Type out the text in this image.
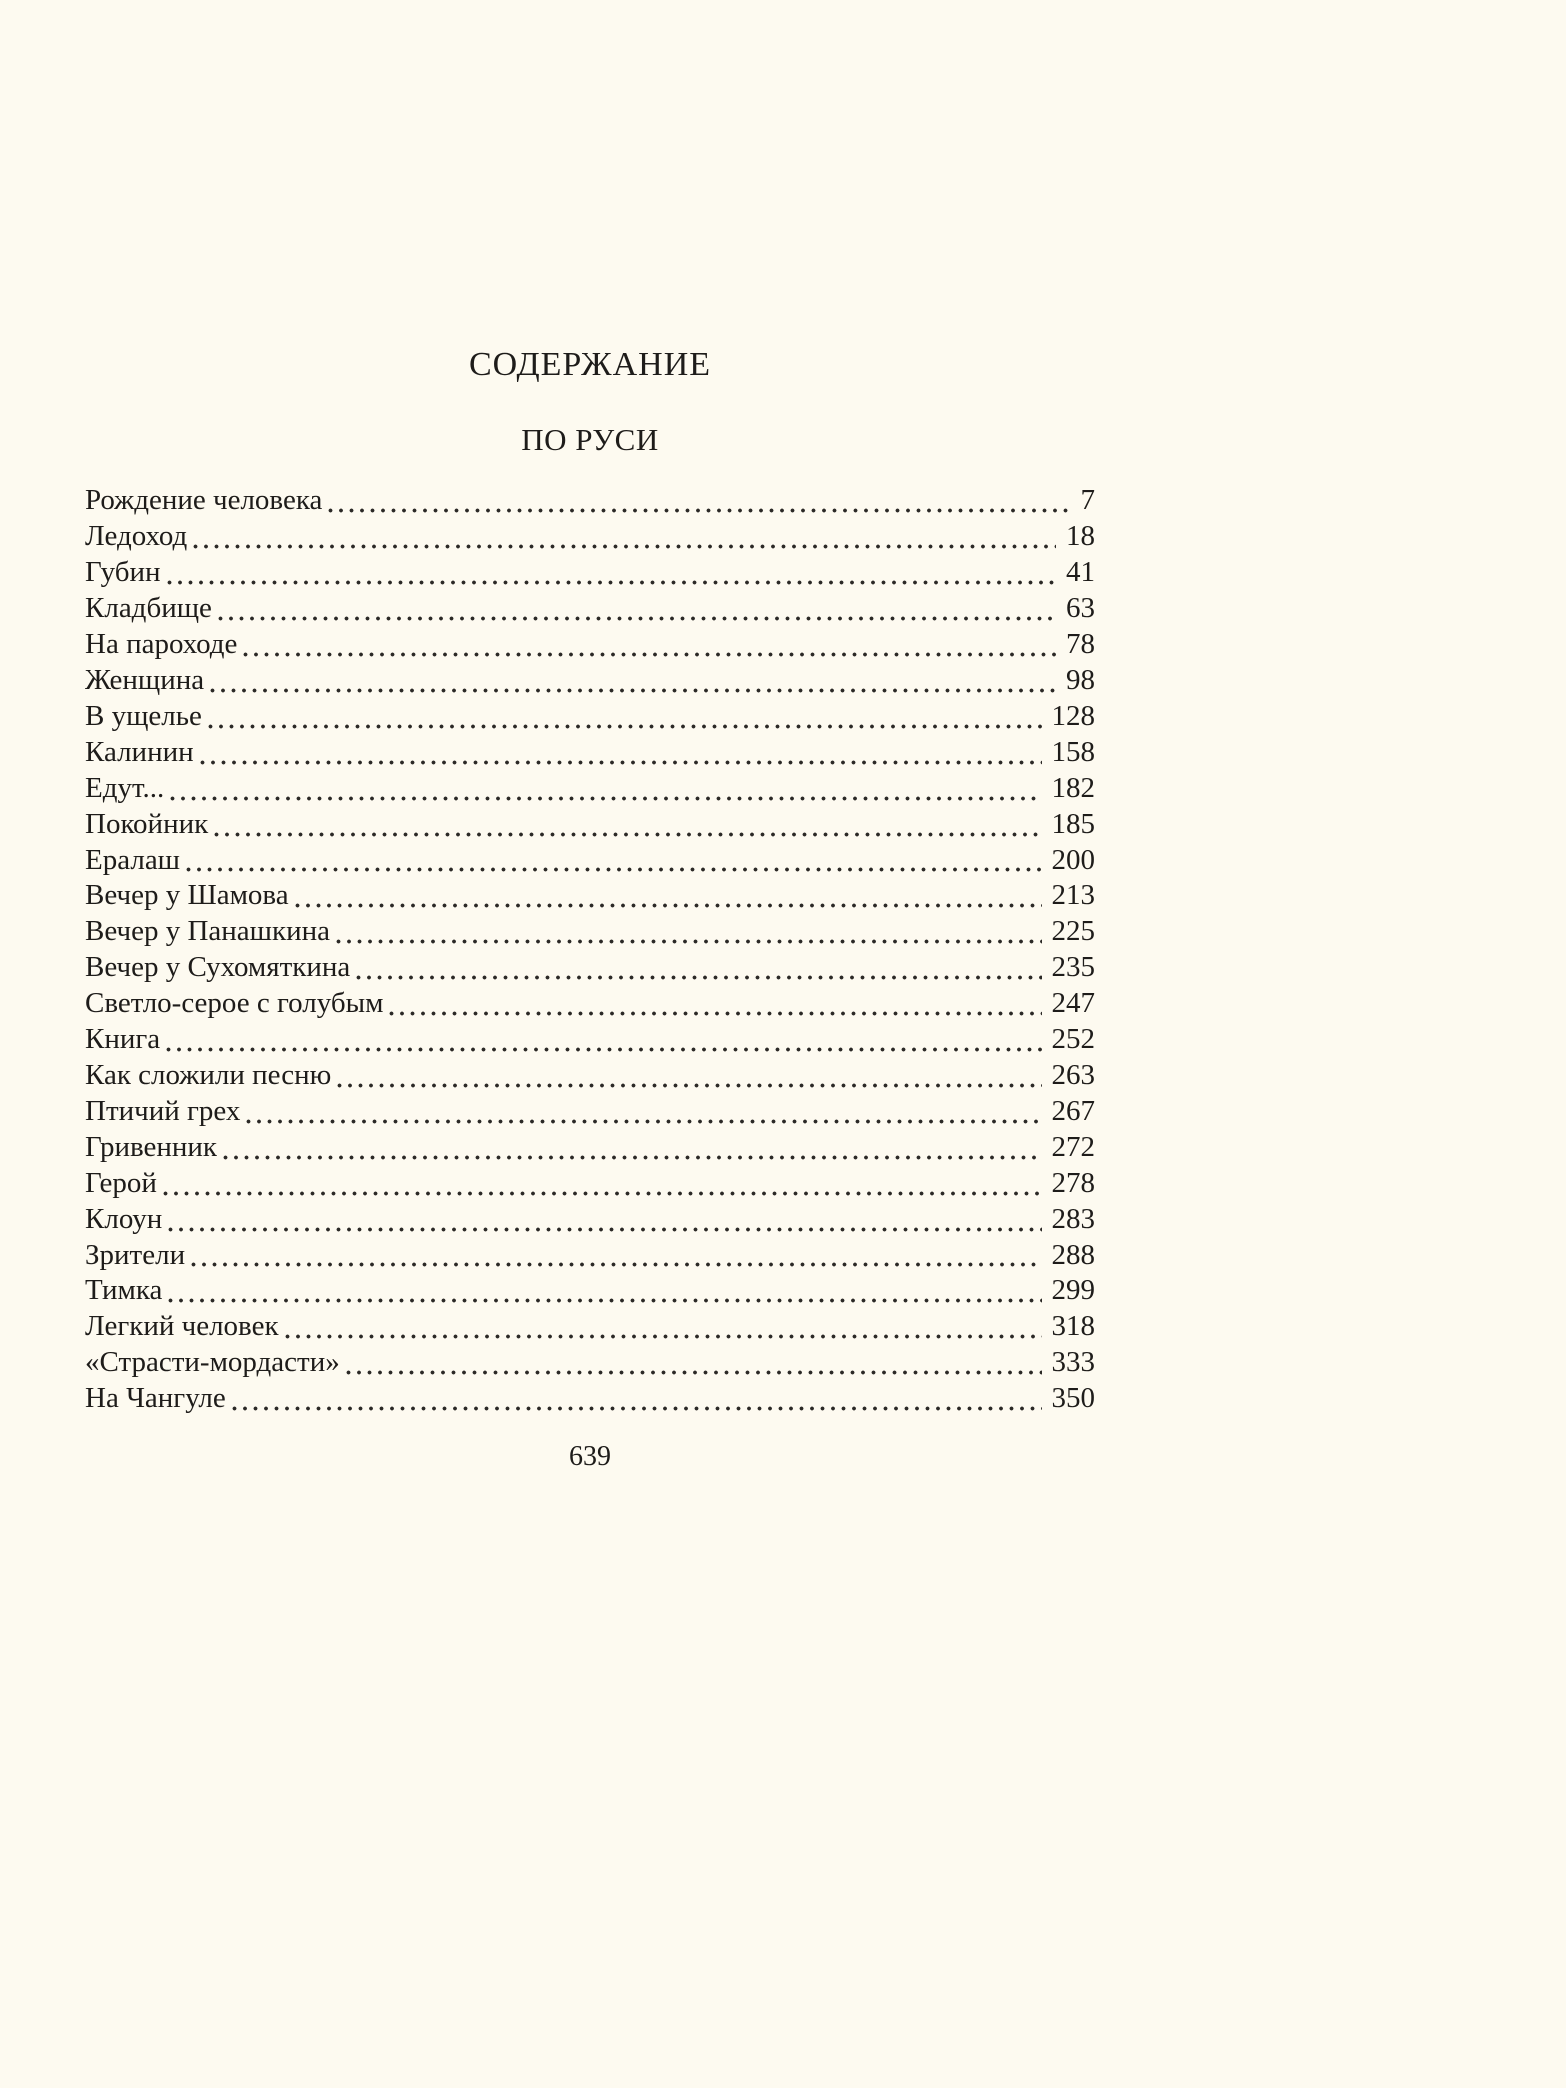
СОДЕРЖАНИЕ
ПО РУСИ
Рождение человека	7
Ледоход	18
Губин	41
Кладбище	63
На пароходе	78
Женщина	98
В ущелье	128
Калинин	158
Едут...	182
Покойник	185
Ералаш	200
Вечер у Шамова	213
Вечер у Панашкина	225
Вечер у Сухомяткина	235
Светло-серое с голубым	247
Книга	252
Как сложили песню	263
Птичий грех	267
Гривенник	272
Герой	278
Клоун	283
Зрители	288
Тимка	299
Легкий человек	318
«Страсти-мордасти»	333
На Чангуле	350
639
